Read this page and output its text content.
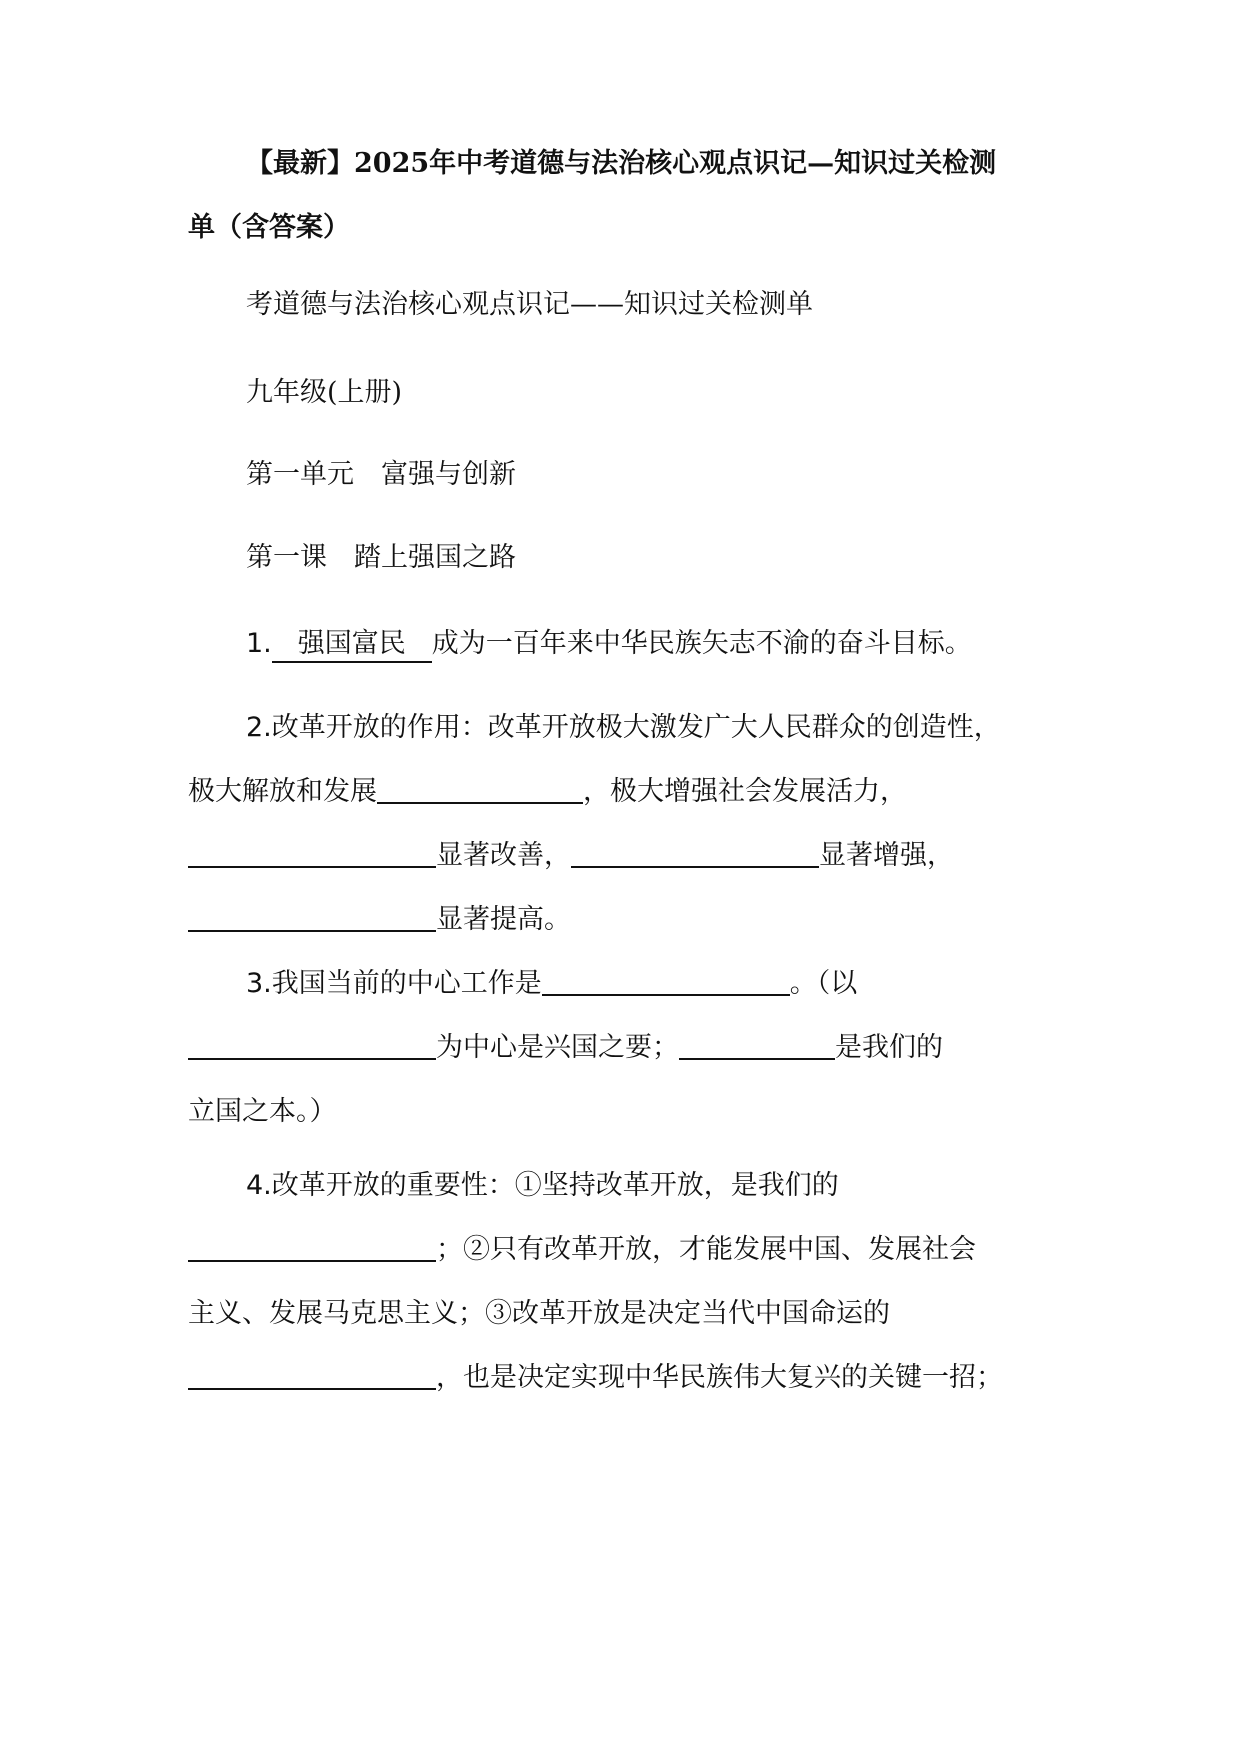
【最新】2025年中考道德与法治核心观点识记—知识过关检测
单（含答案）
考道德与法治核心观点识记——知识过关检测单
九年级(上册)
第一单元　富强与创新
第一课　踏上强国之路
1. 强国富民 成为一百年来中华民族矢志不渝的奋斗目标。
2.改革开放的作用：改革开放极大激发广大人民群众的创造性，
极大解放和发展	，极大增强社会发展活力，
显著改善，	显著增强，
显著提高。
3.我国当前的中心工作是	。（以
为中心是兴国之要；	是我们的
立国之本。）
4.改革开放的重要性：①坚持改革开放，是我们的
；②只有改革开放，才能发展中国、发展社会
主义、发展马克思主义；③改革开放是决定当代中国命运的
，也是决定实现中华民族伟大复兴的关键一招；
